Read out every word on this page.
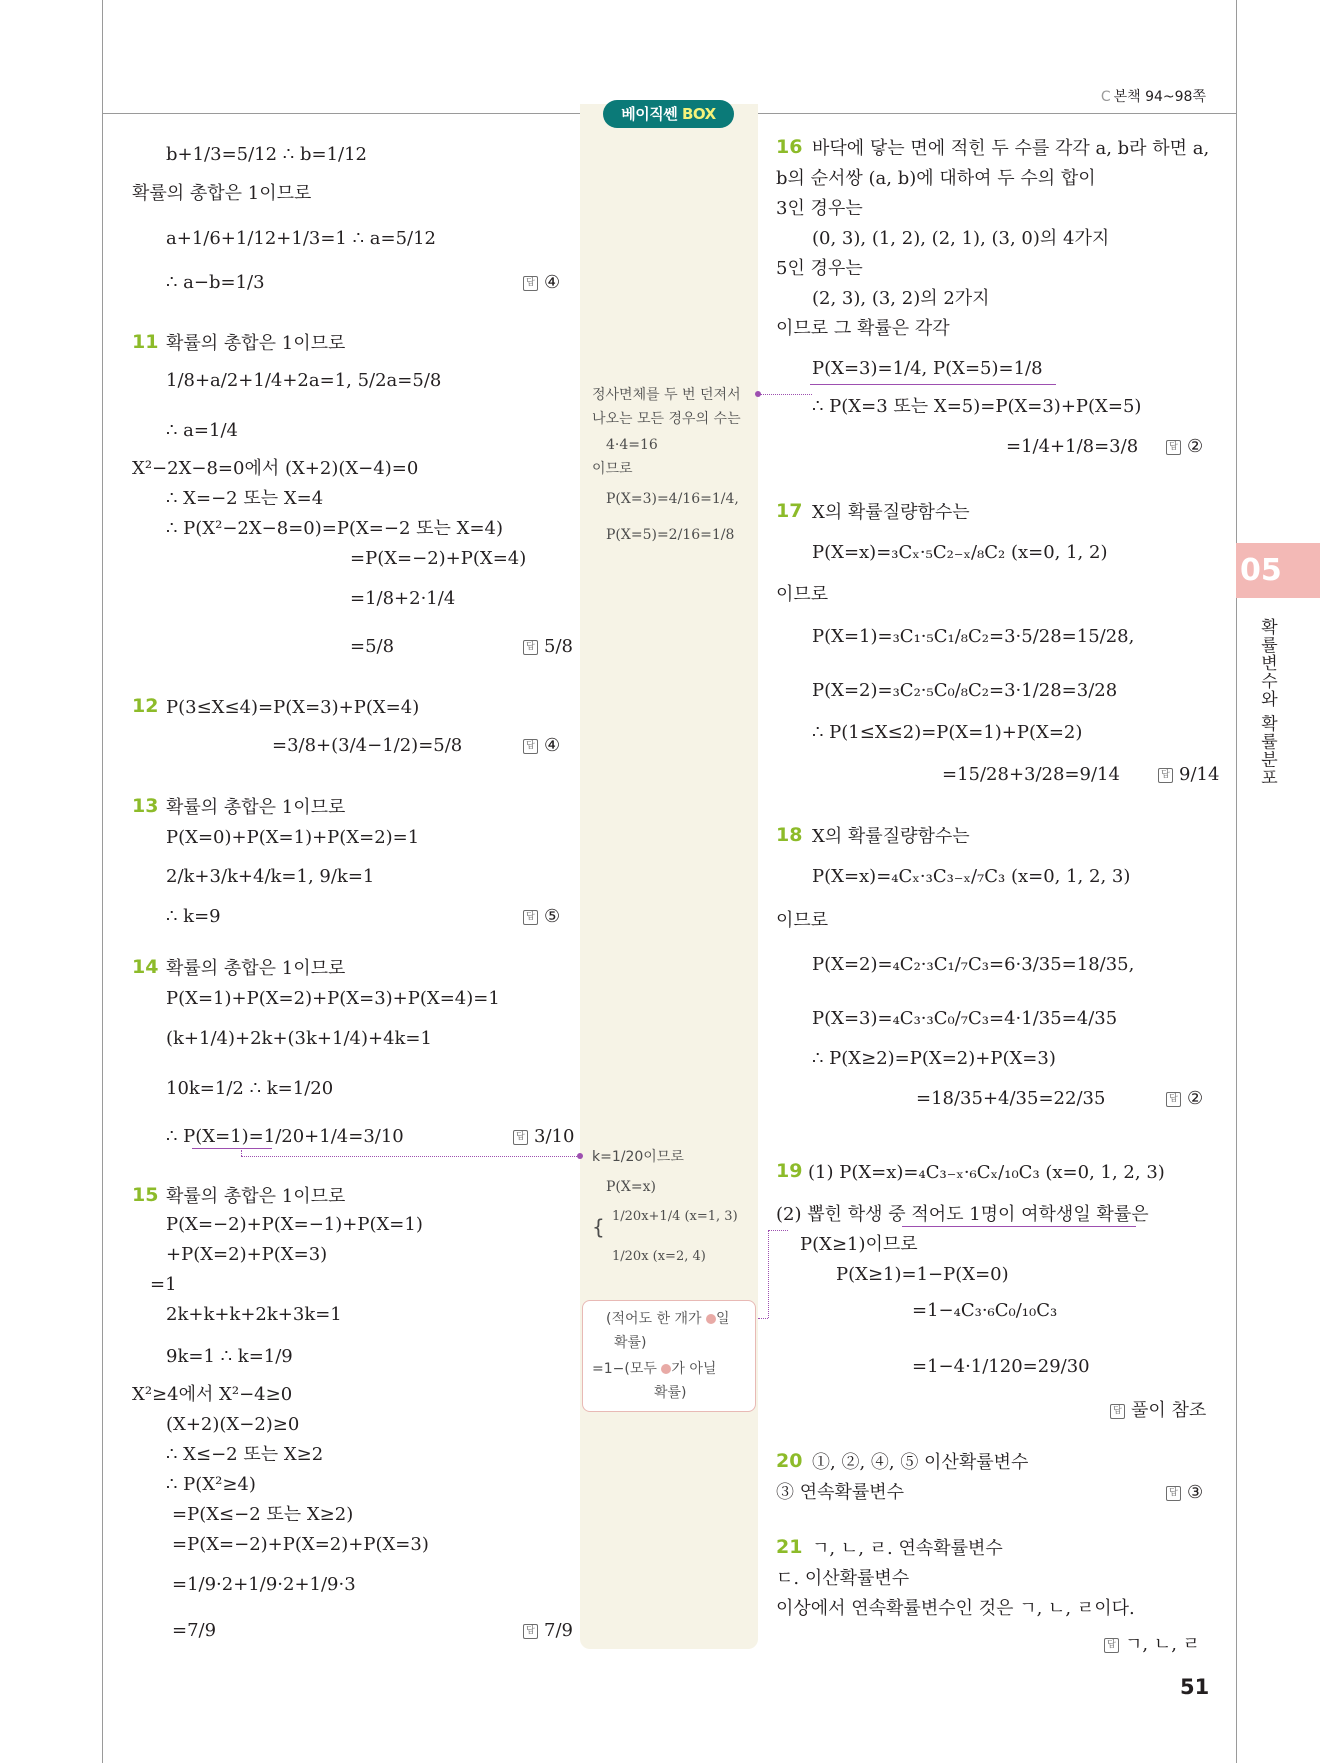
베이직쎈 BOX
C 본책 94~98쪽
05
확률변수와 확률분포
b+1/3=5/12 ∴ b=1/12
확률의 총합은 1이므로
a+1/6+1/12+1/3=1 ∴ a=5/12
∴ a−b=1/3	답 ④
11 확률의 총합은 1이므로
1/8+a/2+1/4+2a=1, 5/2a=5/8
∴ a=1/4
X²−2X−8=0에서 (X+2)(X−4)=0
∴ X=−2 또는 X=4
∴ P(X²−2X−8=0)=P(X=−2 또는 X=4)
=P(X=−2)+P(X=4)
=1/8+2·1/4
=5/8	답 5/8
12 P(3≤X≤4)=P(X=3)+P(X=4)
=3/8+(3/4−1/2)=5/8	답 ④
13 확률의 총합은 1이므로
P(X=0)+P(X=1)+P(X=2)=1
2/k+3/k+4/k=1, 9/k=1
∴ k=9	답 ⑤
14 확률의 총합은 1이므로
P(X=1)+P(X=2)+P(X=3)+P(X=4)=1
(k+1/4)+2k+(3k+1/4)+4k=1
10k=1/2 ∴ k=1/20
∴ P(X=1)=1/20+1/4=3/10	답 3/10
15 확률의 총합은 1이므로
P(X=−2)+P(X=−1)+P(X=1)
+P(X=2)+P(X=3)
=1
2k+k+k+2k+3k=1
9k=1 ∴ k=1/9
X²≥4에서 X²−4≥0
(X+2)(X−2)≥0
∴ X≤−2 또는 X≥2
∴ P(X²≥4)
=P(X≤−2 또는 X≥2)
=P(X=−2)+P(X=2)+P(X=3)
=1/9·2+1/9·2+1/9·3
=7/9	답 7/9
정사면체를 두 번 던져서
나오는 모든 경우의 수는
4·4=16
이므로
P(X=3)=4/16=1/4,
P(X=5)=2/16=1/8
k=1/20이므로
P(X=x)
{ 1/20x+1/4 (x=1, 3)
1/20x (x=2, 4)
(적어도 한 개가 일
확률)
=1−(모두 가 아닐
확률)
16 바닥에 닿는 면에 적힌 두 수를 각각 a, b라 하면 a,
b의 순서쌍 (a, b)에 대하여 두 수의 합이
3인 경우는
(0, 3), (1, 2), (2, 1), (3, 0)의 4가지
5인 경우는
(2, 3), (3, 2)의 2가지
이므로 그 확률은 각각
P(X=3)=1/4, P(X=5)=1/8
∴ P(X=3 또는 X=5)=P(X=3)+P(X=5)
=1/4+1/8=3/8	답 ②
17 X의 확률질량함수는
P(X=x)=₃Cₓ·₅C₂₋ₓ/₈C₂ (x=0, 1, 2)
이므로
P(X=1)=₃C₁·₅C₁/₈C₂=3·5/28=15/28,
P(X=2)=₃C₂·₅C₀/₈C₂=3·1/28=3/28
∴ P(1≤X≤2)=P(X=1)+P(X=2)
=15/28+3/28=9/14	답 9/14
18 X의 확률질량함수는
P(X=x)=₄Cₓ·₃C₃₋ₓ/₇C₃ (x=0, 1, 2, 3)
이므로
P(X=2)=₄C₂·₃C₁/₇C₃=6·3/35=18/35,
P(X=3)=₄C₃·₃C₀/₇C₃=4·1/35=4/35
∴ P(X≥2)=P(X=2)+P(X=3)
=18/35+4/35=22/35	답 ②
19 (1) P(X=x)=₄C₃₋ₓ·₆Cₓ/₁₀C₃ (x=0, 1, 2, 3)
(2) 뽑힌 학생 중 적어도 1명이 여학생일 확률은
P(X≥1)이므로
P(X≥1)=1−P(X=0)
=1−₄C₃·₆C₀/₁₀C₃
=1−4·1/120=29/30
답 풀이 참조
20 ①, ②, ④, ⑤ 이산확률변수
③ 연속확률변수	답 ③
21 ㄱ, ㄴ, ㄹ. 연속확률변수
ㄷ. 이산확률변수
이상에서 연속확률변수인 것은 ㄱ, ㄴ, ㄹ이다.
답 ㄱ, ㄴ, ㄹ
51
